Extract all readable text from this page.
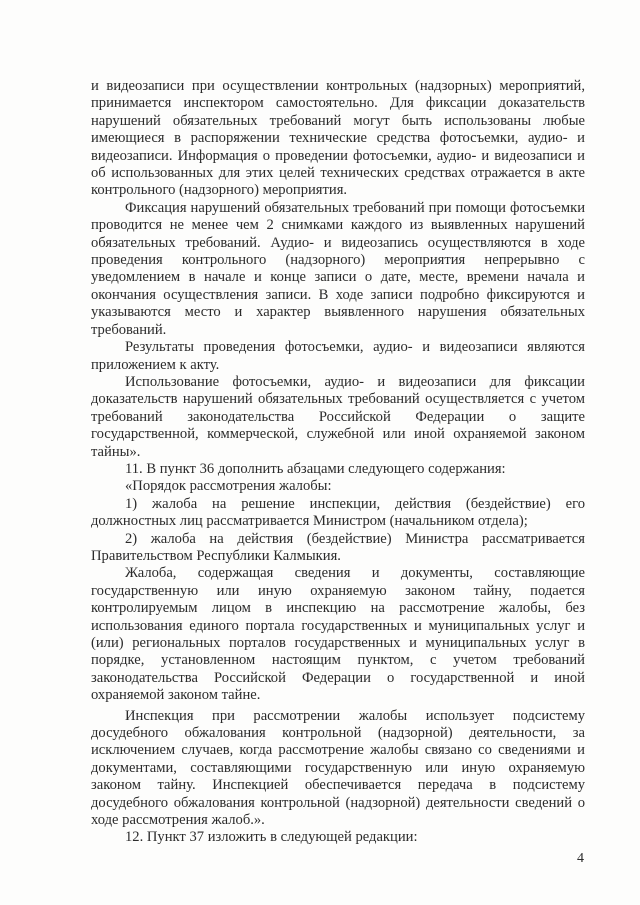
и видеозаписи при осуществлении контрольных (надзорных) мероприятий, принимается инспектором самостоятельно. Для фиксации доказательств нарушений обязательных требований могут быть использованы любые имеющиеся в распоряжении технические средства фотосъемки, аудио- и видеозаписи. Информация о проведении фотосъемки, аудио- и видеозаписи и об использованных для этих целей технических средствах отражается в акте контрольного (надзорного) мероприятия.

Фиксация нарушений обязательных требований при помощи фотосъемки проводится не менее чем 2 снимками каждого из выявленных нарушений обязательных требований. Аудио- и видеозапись осуществляются в ходе проведения контрольного (надзорного) мероприятия непрерывно с уведомлением в начале и конце записи о дате, месте, времени начала и окончания осуществления записи. В ходе записи подробно фиксируются и указываются место и характер выявленного нарушения обязательных требований.

Результаты проведения фотосъемки, аудио- и видеозаписи являются приложением к акту.

Использование фотосъемки, аудио- и видеозаписи для фиксации доказательств нарушений обязательных требований осуществляется с учетом требований законодательства Российской Федерации о защите государственной, коммерческой, служебной или иной охраняемой законом тайны».

11. В пункт 36 дополнить абзацами следующего содержания:

«Порядок рассмотрения жалобы:

1) жалоба на решение инспекции, действия (бездействие) его должностных лиц рассматривается Министром (начальником отдела);

2) жалоба на действия (бездействие) Министра рассматривается Правительством Республики Калмыкия.

Жалоба, содержащая сведения и документы, составляющие государственную или иную охраняемую законом тайну, подается контролируемым лицом в инспекцию на рассмотрение жалобы, без использования единого портала государственных и муниципальных услуг и (или) региональных порталов государственных и муниципальных услуг в порядке, установленном настоящим пунктом, с учетом требований законодательства Российской Федерации о государственной и иной охраняемой законом тайне.

Инспекция при рассмотрении жалобы использует подсистему досудебного обжалования контрольной (надзорной) деятельности, за исключением случаев, когда рассмотрение жалобы связано со сведениями и документами, составляющими государственную или иную охраняемую законом тайну. Инспекцией обеспечивается передача в подсистему досудебного обжалования контрольной (надзорной) деятельности сведений о ходе рассмотрения жалоб.».

12. Пункт 37 изложить в следующей редакции:

4
